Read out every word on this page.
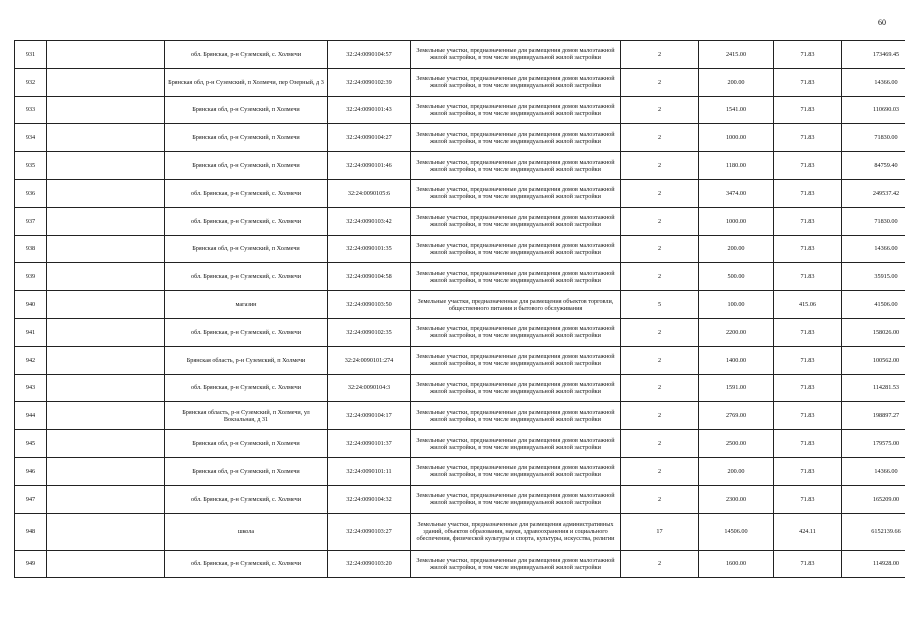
60
931		обл. Брянская, р-н Суземский, с. Холмечи	32:24:0090104:57	Земельные участки, предназначенные для размещения домов малоэтажной жилой застройки, в том числе индивидуальной жилой застройки	2	2415.00	71.83	173469.45
932		Брянская обл, р-н Суземский, п Холмечи, пер Озерный, д 3	32:24:0090102:39	Земельные участки, предназначенные для размещения домов малоэтажной жилой застройки, в том числе индивидуальной жилой застройки	2	200.00	71.83	14366.00
933		Брянская обл, р-н Суземский, п Холмечи	32:24:0090101:43	Земельные участки, предназначенные для размещения домов малоэтажной жилой застройки, в том числе индивидуальной жилой застройки	2	1541.00	71.83	110690.03
934		Брянская обл, р-н Суземский, п Холмечи	32:24:0090104:27	Земельные участки, предназначенные для размещения домов малоэтажной жилой застройки, в том числе индивидуальной жилой застройки	2	1000.00	71.83	71830.00
935		Брянская обл, р-н Суземский, п Холмечи	32:24:0090101:46	Земельные участки, предназначенные для размещения домов малоэтажной жилой застройки, в том числе индивидуальной жилой застройки	2	1180.00	71.83	84759.40
936		обл. Брянская, р-н Суземский, с. Холмечи	32:24:0090105:6	Земельные участки, предназначенные для размещения домов малоэтажной жилой застройки, в том числе индивидуальной жилой застройки	2	3474.00	71.83	249537.42
937		обл. Брянская, р-н Суземский, с. Холмечи	32:24:0090103:42	Земельные участки, предназначенные для размещения домов малоэтажной жилой застройки, в том числе индивидуальной жилой застройки	2	1000.00	71.83	71830.00
938		Брянская обл, р-н Суземский, п Холмечи	32:24:0090101:35	Земельные участки, предназначенные для размещения домов малоэтажной жилой застройки, в том числе индивидуальной жилой застройки	2	200.00	71.83	14366.00
939		обл. Брянская, р-н Суземский, с. Холмечи	32:24:0090104:58	Земельные участки, предназначенные для размещения домов малоэтажной жилой застройки, в том числе индивидуальной жилой застройки	2	500.00	71.83	35915.00
940		магазин	32:24:0090103:50	Земельные участки, предназначенные для размещения объектов торговли, общественного питания и бытового обслуживания	5	100.00	415.06	41506.00
941		обл. Брянская, р-н Суземский, с. Холмечи	32:24:0090102:35	Земельные участки, предназначенные для размещения домов малоэтажной жилой застройки, в том числе индивидуальной жилой застройки	2	2200.00	71.83	158026.00
942		Брянская область, р-н Суземский, п Холмечи	32:24:0090101:274	Земельные участки, предназначенные для размещения домов малоэтажной жилой застройки, в том числе индивидуальной жилой застройки	2	1400.00	71.83	100562.00
943		обл. Брянская, р-н Суземский, с. Холмечи	32:24:0090104:3	Земельные участки, предназначенные для размещения домов малоэтажной жилой застройки, в том числе индивидуальной жилой застройки	2	1591.00	71.83	114281.53
944		Брянская область, р-н Суземский, п Холмечи, ул Вокзальная, д 31	32:24:0090104:17	Земельные участки, предназначенные для размещения домов малоэтажной жилой застройки, в том числе индивидуальной жилой застройки	2	2769.00	71.83	198897.27
945		Брянская обл, р-н Суземский, п Холмечи	32:24:0090101:37	Земельные участки, предназначенные для размещения домов малоэтажной жилой застройки, в том числе индивидуальной жилой застройки	2	2500.00	71.83	179575.00
946		Брянская обл, р-н Суземский, п Холмечи	32:24:0090101:11	Земельные участки, предназначенные для размещения домов малоэтажной жилой застройки, в том числе индивидуальной жилой застройки	2	200.00	71.83	14366.00
947		обл. Брянская, р-н Суземский, с. Холмечи	32:24:0090104:32	Земельные участки, предназначенные для размещения домов малоэтажной жилой застройки, в том числе индивидуальной жилой застройки	2	2300.00	71.83	165209.00
948		школа	32:24:0090103:27	Земельные участки, предназначенные для размещения административных зданий, объектов образования, науки, здравоохранения и социального обеспечения, физической культуры и спорта, культуры, искусства, религии	17	14506.00	424.11	6152139.66
949		обл. Брянская, р-н Суземский, с. Холмечи	32:24:0090103:20	Земельные участки, предназначенные для размещения домов малоэтажной жилой застройки, в том числе индивидуальной жилой застройки	2	1600.00	71.83	114928.00
